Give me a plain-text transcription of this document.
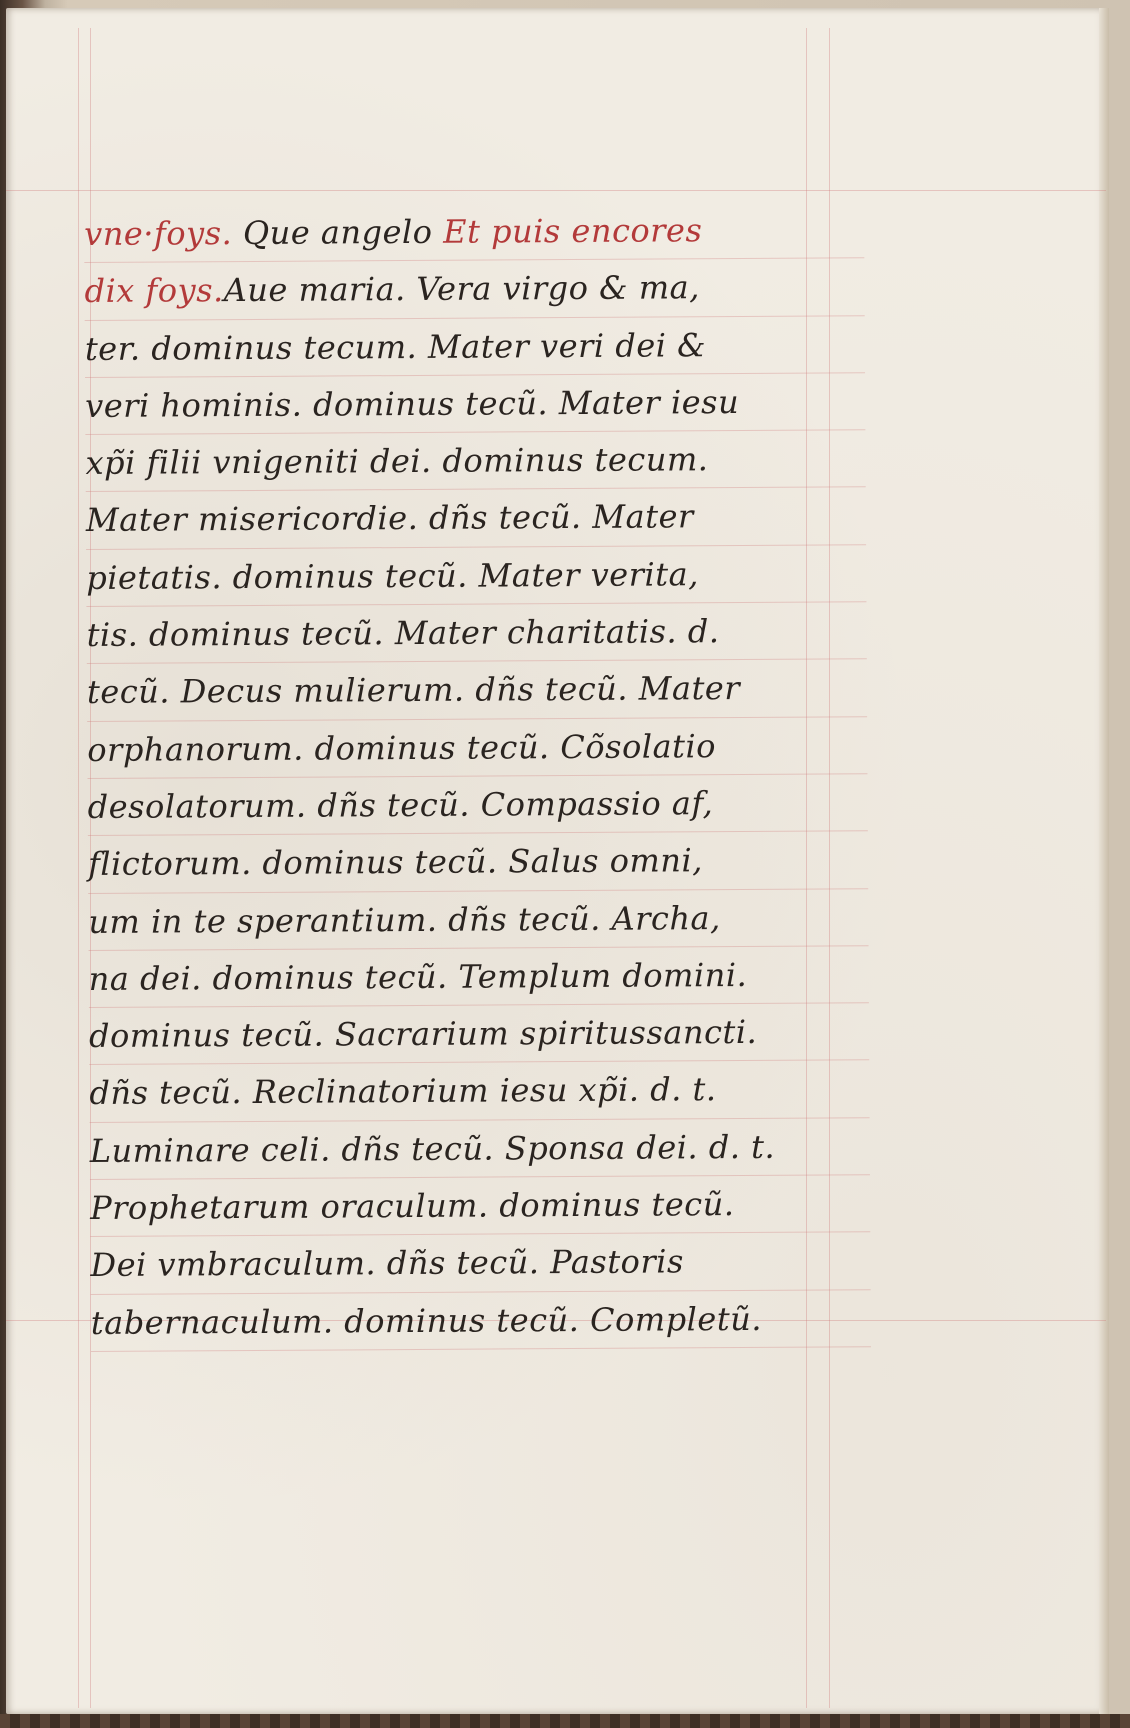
vne·foys. Que angelo Et puis encores
dix foys.Aue maria. Vera virgo & ma,
ter. dominus tecum. Mater veri dei &
veri hominis. dominus tecũ. Mater iesu
xp̃i filii vnigeniti dei. dominus tecum.
Mater misericordie. dñs tecũ. Mater
pietatis. dominus tecũ. Mater verita,
tis. dominus tecũ. Mater charitatis. d.
tecũ. Decus mulierum. dñs tecũ. Mater
orphanorum. dominus tecũ. Cõsolatio
desolatorum. dñs tecũ. Compassio af,
flictorum. dominus tecũ. Salus omni,
um in te sperantium. dñs tecũ. Archa,
na dei. dominus tecũ. Templum domini.
dominus tecũ. Sacrarium spiritussancti.
dñs tecũ. Reclinatorium iesu xp̃i. d. t.
Luminare celi. dñs tecũ. Sponsa dei. d. t.
Prophetarum oraculum. dominus tecũ.
Dei vmbraculum. dñs tecũ. Pastoris
tabernaculum. dominus tecũ. Completũ.
